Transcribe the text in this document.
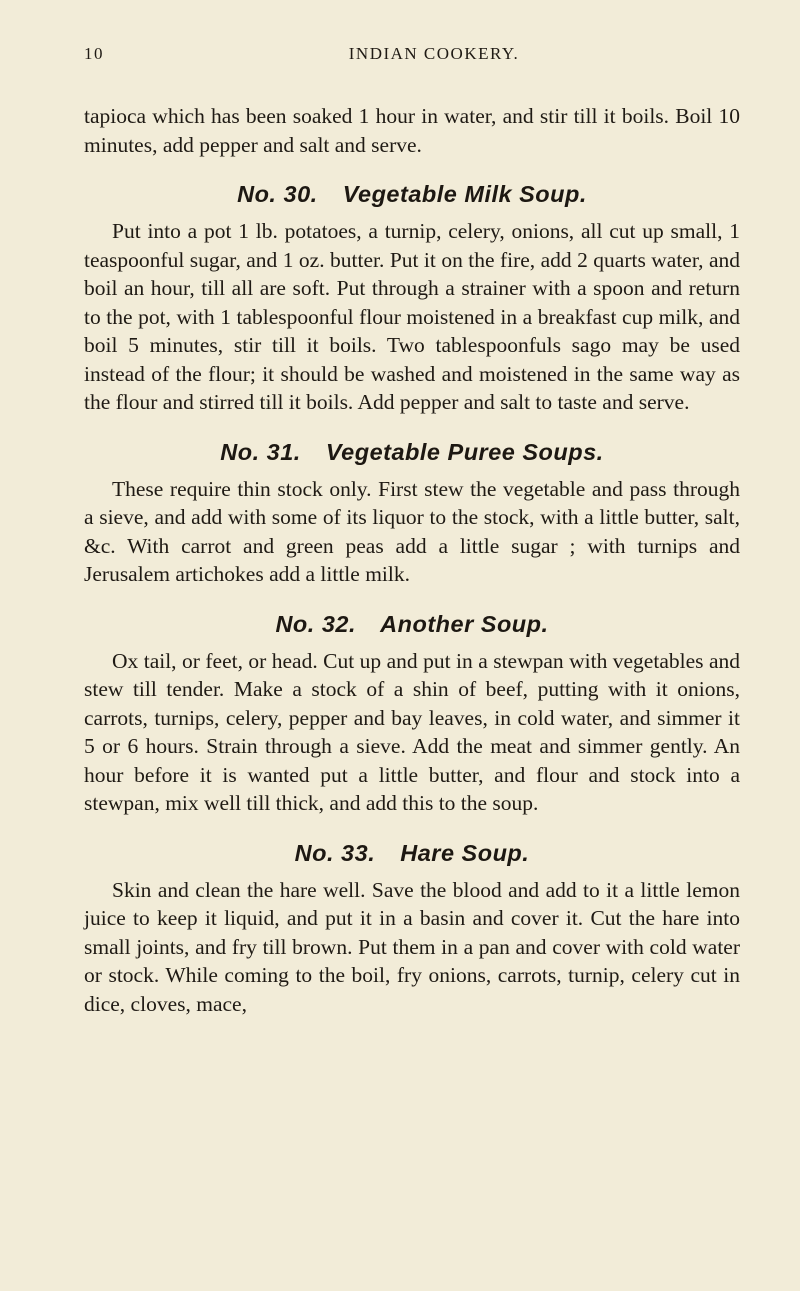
10	INDIAN COOKERY.

tapioca which has been soaked 1 hour in water, and stir till it boils. Boil 10 minutes, add pepper and salt and serve.

No. 30. Vegetable Milk Soup.

Put into a pot 1 lb. potatoes, a turnip, celery, onions, all cut up small, 1 teaspoonful sugar, and 1 oz. butter. Put it on the fire, add 2 quarts water, and boil an hour, till all are soft. Put through a strainer with a spoon and return to the pot, with 1 tablespoonful flour moistened in a breakfast cup milk, and boil 5 minutes, stir till it boils. Two tablespoonfuls sago may be used instead of the flour; it should be washed and moistened in the same way as the flour and stirred till it boils. Add pepper and salt to taste and serve.

No. 31. Vegetable Puree Soups.

These require thin stock only. First stew the vegetable and pass through a sieve, and add with some of its liquor to the stock, with a little butter, salt, &c. With carrot and green peas add a little sugar ; with turnips and Jerusalem artichokes add a little milk.

No. 32. Another Soup.

Ox tail, or feet, or head. Cut up and put in a stewpan with vegetables and stew till tender. Make a stock of a shin of beef, putting with it onions, carrots, turnips, celery, pepper and bay leaves, in cold water, and simmer it 5 or 6 hours. Strain through a sieve. Add the meat and simmer gently. An hour before it is wanted put a little butter, and flour and stock into a stewpan, mix well till thick, and add this to the soup.

No. 33. Hare Soup.

Skin and clean the hare well. Save the blood and add to it a little lemon juice to keep it liquid, and put it in a basin and cover it. Cut the hare into small joints, and fry till brown. Put them in a pan and cover with cold water or stock. While coming to the boil, fry onions, carrots, turnip, celery cut in dice, cloves, mace,
